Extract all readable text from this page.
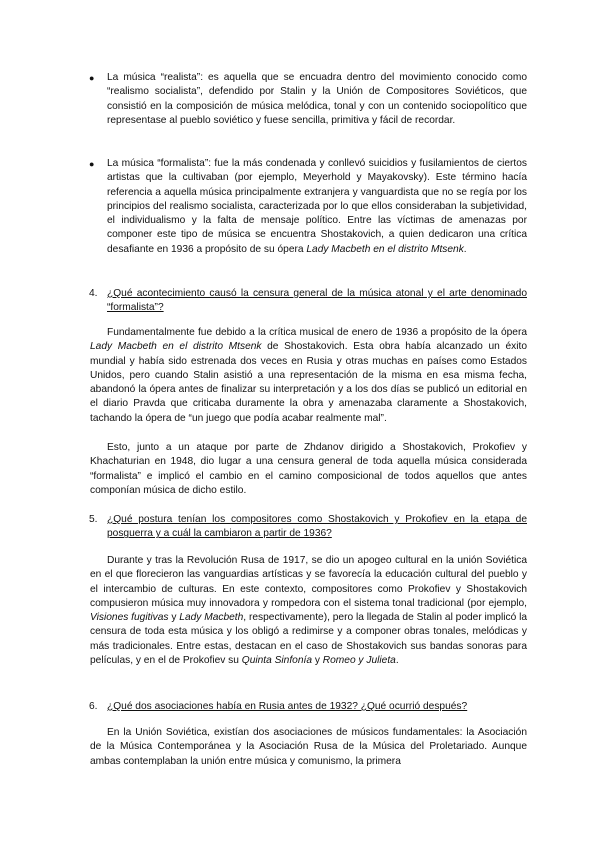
● La música “realista”: es aquella que se encuadra dentro del movimiento conocido como “realismo socialista”, defendido por Stalin y la Unión de Compositores Soviéticos, que consistió en la composición de música melódica, tonal y con un contenido sociopolítico que representase al pueblo soviético y fuese sencilla, primitiva y fácil de recordar.
● La música “formalista”: fue la más condenada y conllevó suicidios y fusilamientos de ciertos artistas que la cultivaban (por ejemplo, Meyerhold y Mayakovsky). Este término hacía referencia a aquella música principalmente extranjera y vanguardista que no se regía por los principios del realismo socialista, caracterizada por lo que ellos consideraban la subjetividad, el individualismo y la falta de mensaje político. Entre las víctimas de amenazas por componer este tipo de música se encuentra Shostakovich, a quien dedicaron una crítica desafiante en 1936 a propósito de su ópera Lady Macbeth en el distrito Mtsenk.
4. ¿Qué acontecimiento causó la censura general de la música atonal y el arte denominado “formalista”?
Fundamentalmente fue debido a la crítica musical de enero de 1936 a propósito de la ópera Lady Macbeth en el distrito Mtsenk de Shostakovich. Esta obra había alcanzado un éxito mundial y había sido estrenada dos veces en Rusia y otras muchas en países como Estados Unidos, pero cuando Stalin asistió a una representación de la misma en esa misma fecha, abandonó la ópera antes de finalizar su interpretación y a los dos días se publicó un editorial en el diario Pravda que criticaba duramente la obra y amenazaba claramente a Shostakovich, tachando la ópera de “un juego que podía acabar realmente mal”.
Esto, junto a un ataque por parte de Zhdanov dirigido a Shostakovich, Prokofiev y Khachaturian en 1948, dio lugar a una censura general de toda aquella música considerada “formalista” e implicó el cambio en el camino composicional de todos aquellos que antes componían música de dicho estilo.
5. ¿Qué postura tenían los compositores como Shostakovich y Prokofiev en la etapa de posguerra y a cuál la cambiaron a partir de 1936?
Durante y tras la Revolución Rusa de 1917, se dio un apogeo cultural en la unión Soviética en el que florecieron las vanguardias artísticas y se favorecía la educación cultural del pueblo y el intercambio de culturas. En este contexto, compositores como Prokofiev y Shostakovich compusieron música muy innovadora y rompedora con el sistema tonal tradicional (por ejemplo, Visiones fugitivas y Lady Macbeth, respectivamente), pero la llegada de Stalin al poder implicó la censura de toda esta música y los obligó a redimirse y a componer obras tonales, melódicas y más tradicionales. Entre estas, destacan en el caso de Shostakovich sus bandas sonoras para películas, y en el de Prokofiev su Quinta Sinfonía y Romeo y Julieta.
6. ¿Qué dos asociaciones había en Rusia antes de 1932? ¿Qué ocurrió después?
En la Unión Soviética, existían dos asociaciones de músicos fundamentales: la Asociación de la Música Contemporánea y la Asociación Rusa de la Música del Proletariado. Aunque ambas contemplaban la unión entre música y comunismo, la primera
